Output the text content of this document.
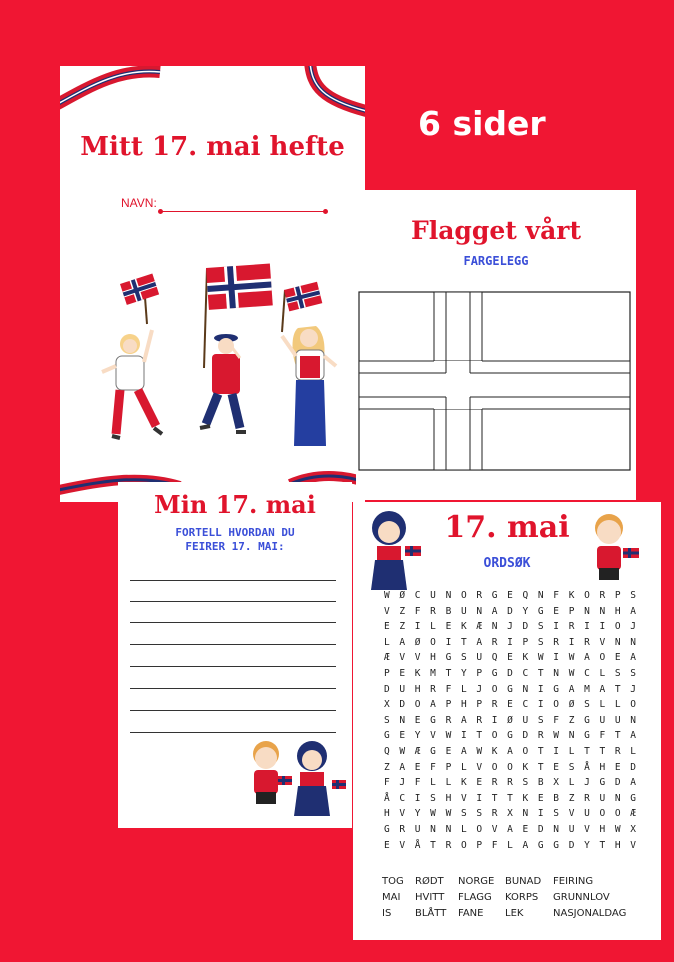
6 sider
Mitt 17. mai hefte
NAVN:
Flagget vårt
FARGELEGG
Min 17. mai
FORTELL HVORDAN DU
FEIRER 17. MAI:
17. mai
ORDSØK
W Ø C U N O R G E Q N F K O R P S
V Z F R B U N A D Y G E P N N H A
E Z I L E K Æ N J D S I R I I O J
L A Ø O I T A R I P S R I R V N N
Æ V V H G S U Q E K W I W A O E A
P E K M T Y P G D C T N W C L S S
D U H R F L J O G N I G A M A T J
X D O A P H P R E C I O Ø S L L O
S N E G R A R I Ø U S F Z G U U N
G E Y V W I T O G D R W N G F T A
Q W Æ G E A W K A O T I L T T R L
Z A E F P L V O O K T E S Å H E D
F J F L L K E R R S B X L J G D A
Å C I S H V I T T K E B Z R U N G
H V Y W W S S R X N I S V U O O Æ
G R U N N L O V A E D N U V H W X
E V Å T R O P F L A G G D Y T H V
TOG RØDT NORGE BUNAD FEIRING
MAI HVITT FLAGG KORPS GRUNNLOV
IS BLÅTT FANE LEK	NASJONALDAG
